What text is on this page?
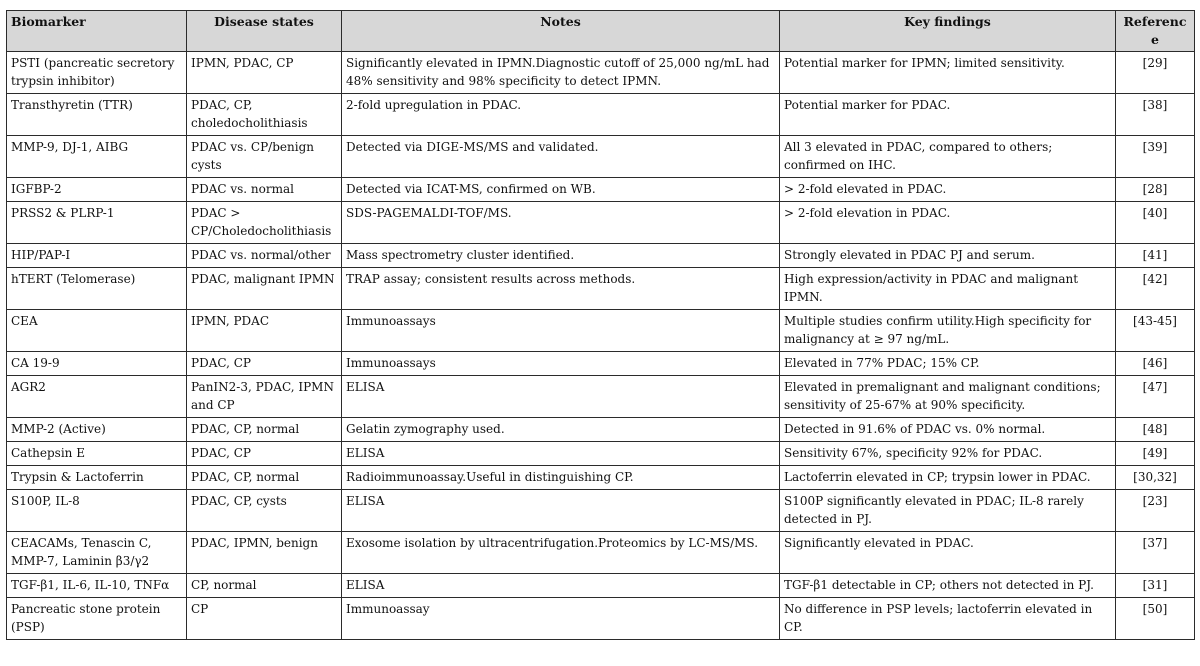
Biomarker	Disease states	Notes	Key findings	Reference
PSTI (pancreatic secretory trypsin inhibitor)	IPMN, PDAC, CP	Significantly elevated in IPMN.Diagnostic cutoff of 25,000 ng/mL had 48% sensitivity and 98% specificity to detect IPMN.	Potential marker for IPMN; limited sensitivity.	[29]
Transthyretin (TTR)	PDAC, CP, choledocholithiasis	2-fold upregulation in PDAC.	Potential marker for PDAC.	[38]
MMP-9, DJ-1, AIBG	PDAC vs. CP/benign cysts	Detected via DIGE-MS/MS and validated.	All 3 elevated in PDAC, compared to others; confirmed on IHC.	[39]
IGFBP-2	PDAC vs. normal	Detected via ICAT-MS, confirmed on WB.	> 2-fold elevated in PDAC.	[28]
PRSS2 & PLRP-1	PDAC > CP/Choledocholithiasis	SDS-PAGEMALDI-TOF/MS.	> 2-fold elevation in PDAC.	[40]
HIP/PAP-I	PDAC vs. normal/other	Mass spectrometry cluster identified.	Strongly elevated in PDAC PJ and serum.	[41]
hTERT (Telomerase)	PDAC, malignant IPMN	TRAP assay; consistent results across methods.	High expression/activity in PDAC and malignant IPMN.	[42]
CEA	IPMN, PDAC	Immunoassays	Multiple studies confirm utility.High specificity for malignancy at ≥ 97 ng/mL.	[43-45]
CA 19-9	PDAC, CP	Immunoassays	Elevated in 77% PDAC; 15% CP.	[46]
AGR2	PanIN2-3, PDAC, IPMN and CP	ELISA	Elevated in premalignant and malignant conditions; sensitivity of 25-67% at 90% specificity.	[47]
MMP-2 (Active)	PDAC, CP, normal	Gelatin zymography used.	Detected in 91.6% of PDAC vs. 0% normal.	[48]
Cathepsin E	PDAC, CP	ELISA	Sensitivity 67%, specificity 92% for PDAC.	[49]
Trypsin & Lactoferrin	PDAC, CP, normal	Radioimmunoassay.Useful in distinguishing CP.	Lactoferrin elevated in CP; trypsin lower in PDAC.	[30,32]
S100P, IL-8	PDAC, CP, cysts	ELISA	S100P significantly elevated in PDAC; IL-8 rarely detected in PJ.	[23]
CEACAMs, Tenascin C, MMP-7, Laminin β3/γ2	PDAC, IPMN, benign	Exosome isolation by ultracentrifugation.Proteomics by LC-MS/MS.	Significantly elevated in PDAC.	[37]
TGF-β1, IL-6, IL-10, TNFα	CP, normal	ELISA	TGF-β1 detectable in CP; others not detected in PJ.	[31]
Pancreatic stone protein (PSP)	CP	Immunoassay	No difference in PSP levels; lactoferrin elevated in CP.	[50]
